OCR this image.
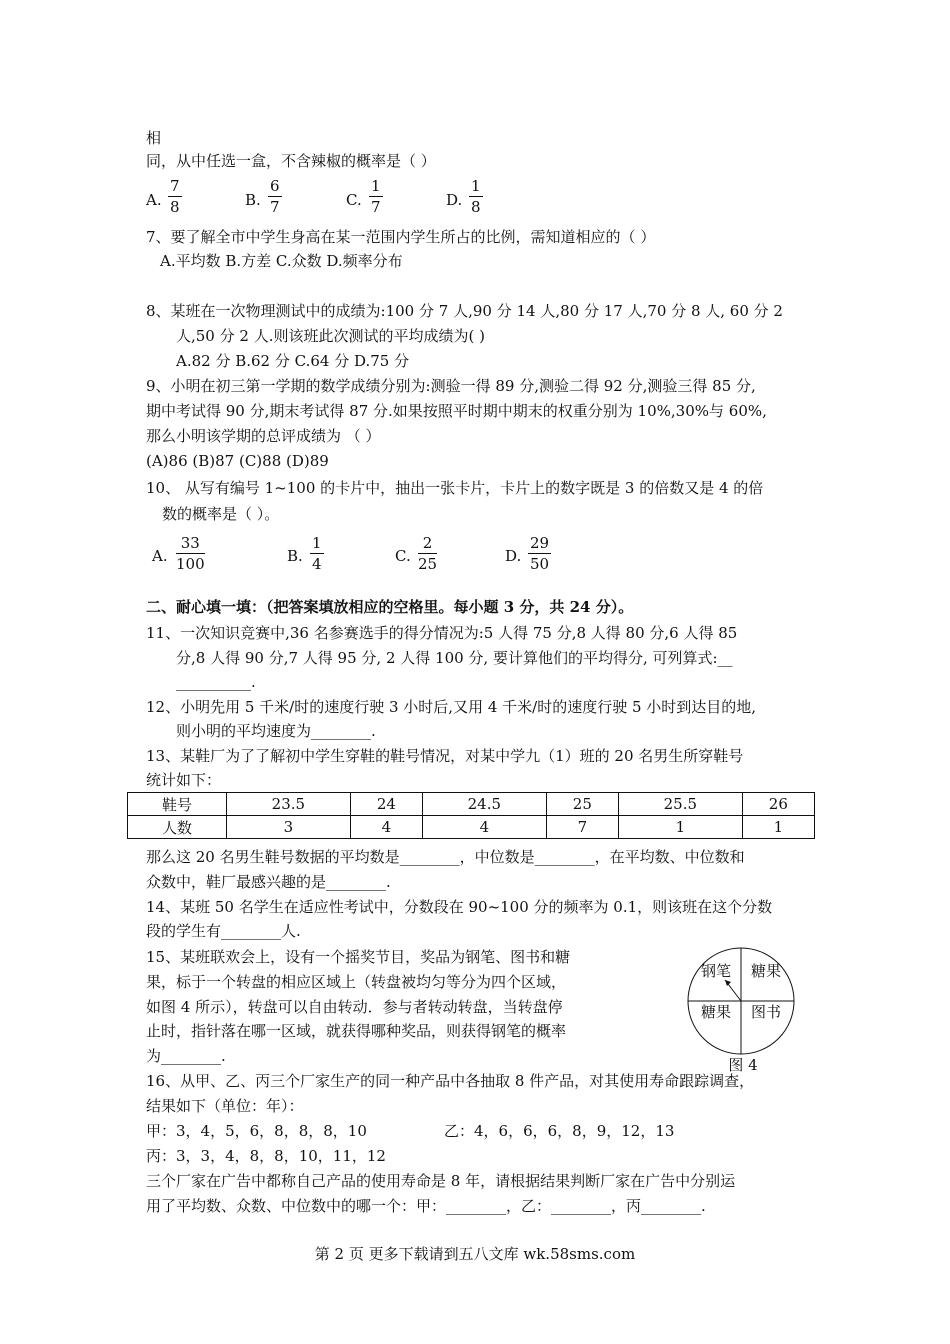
相
同，从中任选一盒，不含辣椒的概率是（ ）
A. $\frac{7}{8}$	B. $\frac{6}{7}$	C. $\frac{1}{7}$	D. $\frac{1}{8}$
7、要了解全市中学生身高在某一范围内学生所占的比例，需知道相应的（ ）
A.平均数 B.方差 C.众数 D.频率分布
8、某班在一次物理测试中的成绩为:100 分 7 人,90 分 14 人,80 分 17 人,70 分 8 人, 60 分 2
人,50 分 2 人.则该班此次测试的平均成绩为( )
A.82 分 B.62 分 C.64 分 D.75 分
9、小明在初三第一学期的数学成绩分别为:测验一得 89 分,测验二得 92 分,测验三得 85 分,
期中考试得 90 分,期末考试得 87 分.如果按照平时期中期末的权重分别为 10%,30%与 60%,
那么小明该学期的总评成绩为 （ ）
(A)86 (B)87 (C)88 (D)89
10、 从写有编号 1~100 的卡片中，抽出一张卡片，卡片上的数字既是 3 的倍数又是 4 的倍
数的概率是（ ）。
A. $\frac{33}{100}$	B. $\frac{1}{4}$	C. $\frac{2}{25}$	D. $\frac{29}{50}$
二、耐心填一填：（把答案填放相应的空格里。每小题 3 分，共 24 分）。
11、一次知识竞赛中,36 名参赛选手的得分情况为:5 人得 75 分,8 人得 80 分,6 人得 85
分,8 人得 90 分,7 人得 95 分, 2 人得 100 分, 要计算他们的平均得分, 可列算式:__
__________.
12、小明先用 5 千米/时的速度行驶 3 小时后,又用 4 千米/时的速度行驶 5 小时到达目的地,
则小明的平均速度为________.
13、某鞋厂为了了解初中学生穿鞋的鞋号情况，对某中学九（1）班的 20 名男生所穿鞋号
统计如下：
鞋号	23.5	24	24.5	25	25.5	26
人数	3	4	4	7	1	1
那么这 20 名男生鞋号数据的平均数是________，中位数是________，在平均数、中位数和
众数中，鞋厂最感兴趣的是________.
14、某班 50 名学生在适应性考试中，分数段在 90~100 分的频率为 0.1，则该班在这个分数
段的学生有________人.
15、某班联欢会上，设有一个摇奖节目，奖品为钢笔、图书和糖
果，标于一个转盘的相应区域上（转盘被均匀等分为四个区域，
如图 4 所示），转盘可以自由转动．参与者转动转盘，当转盘停
止时，指针落在哪一区域，就获得哪种奖品，则获得钢笔的概率
为________.
钢笔 糖果
糖果 图书
图 4
16、从甲、乙、丙三个厂家生产的同一种产品中各抽取 8 件产品，对其使用寿命跟踪调查，
结果如下（单位：年）：
甲：3，4，5，6，8，8，8，10	乙：4，6，6，6，8，9，12，13
丙：3，3，4，8，8，10，11，12
三个厂家在广告中都称自己产品的使用寿命是 8 年，请根据结果判断厂家在广告中分别运
用了平均数、众数、中位数中的哪一个：甲：________，乙：________，丙________.
第 2 页 更多下载请到五八文库 wk.58sms.com
